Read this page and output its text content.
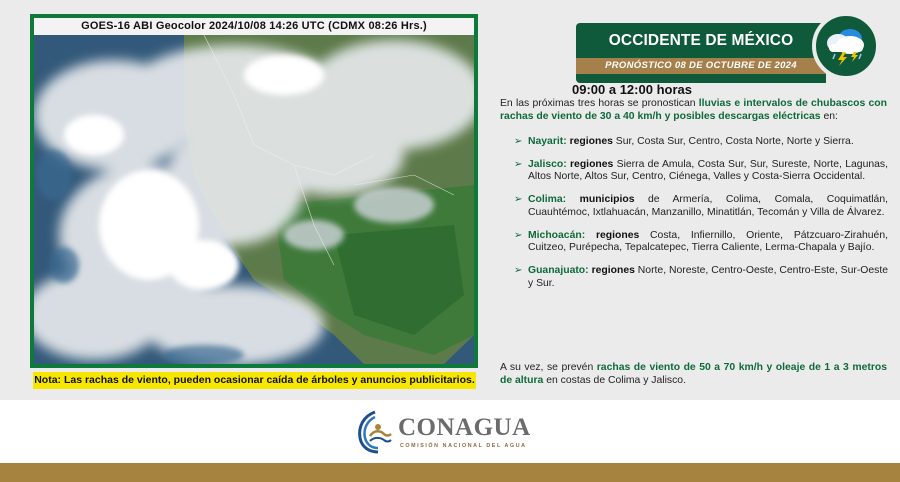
GOES-16 ABI Geocolor 2024/10/08 14:26 UTC (CDMX 08:26 Hrs.)
Nota: Las rachas de viento, pueden ocasionar caída de árboles y anuncios publicitarios.
OCCIDENTE DE MÉXICO
PRONÓSTICO 08 DE OCTUBRE DE 2024
09:00 a 12:00 horas

En las próximas tres horas se pronostican lluvias e intervalos de chubascos con rachas de viento de 30 a 40 km/h y posibles descargas eléctricas en:

➢ Nayarit: regiones Sur, Costa Sur, Centro, Costa Norte, Norte y Sierra.
➢ Jalisco: regiones Sierra de Amula, Costa Sur, Sur, Sureste, Norte, Lagunas, Altos Norte, Altos Sur, Centro, Ciénega, Valles y Costa-Sierra Occidental.
➢ Colima: municipios de Armería, Colima, Comala, Coquimatlán, Cuauhtémoc, Ixtlahuacán, Manzanillo, Minatitlán, Tecomán y Villa de Álvarez.
➢ Michoacán: regiones Costa, Infiernillo, Oriente, Pátzcuaro-Zirahuén, Cuitzeo, Purépecha, Tepalcatepec, Tierra Caliente, Lerma-Chapala y Bajío.
➢ Guanajuato: regiones Norte, Noreste, Centro-Oeste, Centro-Este, Sur-Oeste y Sur.

A su vez, se prevén rachas de viento de 50 a 70 km/h y oleaje de 1 a 3 metros de altura en costas de Colima y Jalisco.

CONAGUA
COMISIÓN NACIONAL DEL AGUA
